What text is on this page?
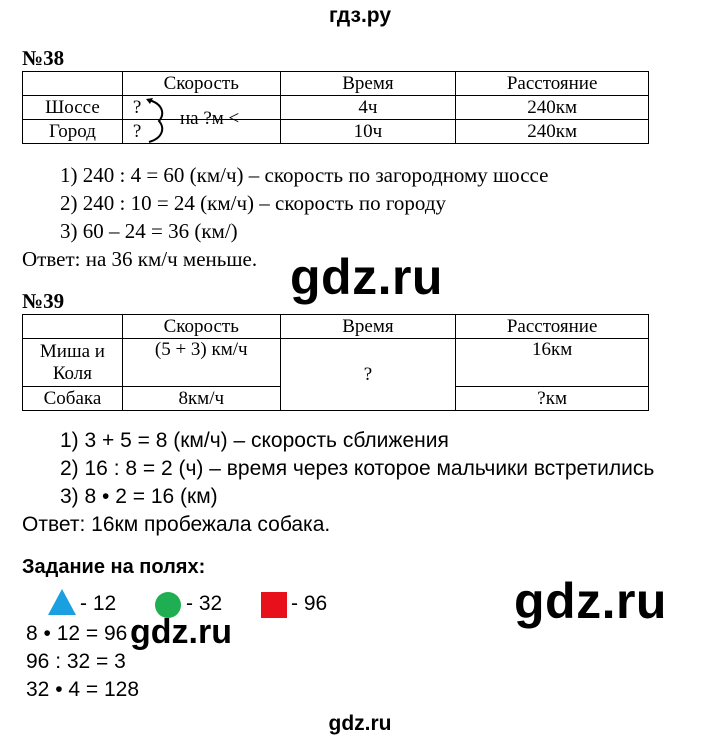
гдз.ру
№38
	Скорость	Время	Расстояние
Шоссе	?	4ч	240км
Город	?	10ч	240км
на ?м <
1) 240 : 4 = 60 (км/ч) – скорость по загородному шоссе
2) 240 : 10 = 24 (км/ч) – скорость по городу
3) 60 – 24 = 36 (км/)
Ответ: на 36 км/ч меньше. gdz.ru
№39
	Скорость	Время	Расстояние

Миша и
Коля	(5 + 3) км/ч	?	16км
Собака	8км/ч		?км
1) 3 + 5 = 8 (км/ч) – скорость сближения
2) 16 : 8 = 2 (ч) – время через которое мальчики встретились
3) 8 • 2 = 16 (км)
Ответ: 16км пробежала собака.
Задание на полях:
gdz.ru
- 12	- 32	- 96
8 • 12 = 96 gdz.ru
96 : 32 = 3
32 • 4 = 128
gdz.ru
